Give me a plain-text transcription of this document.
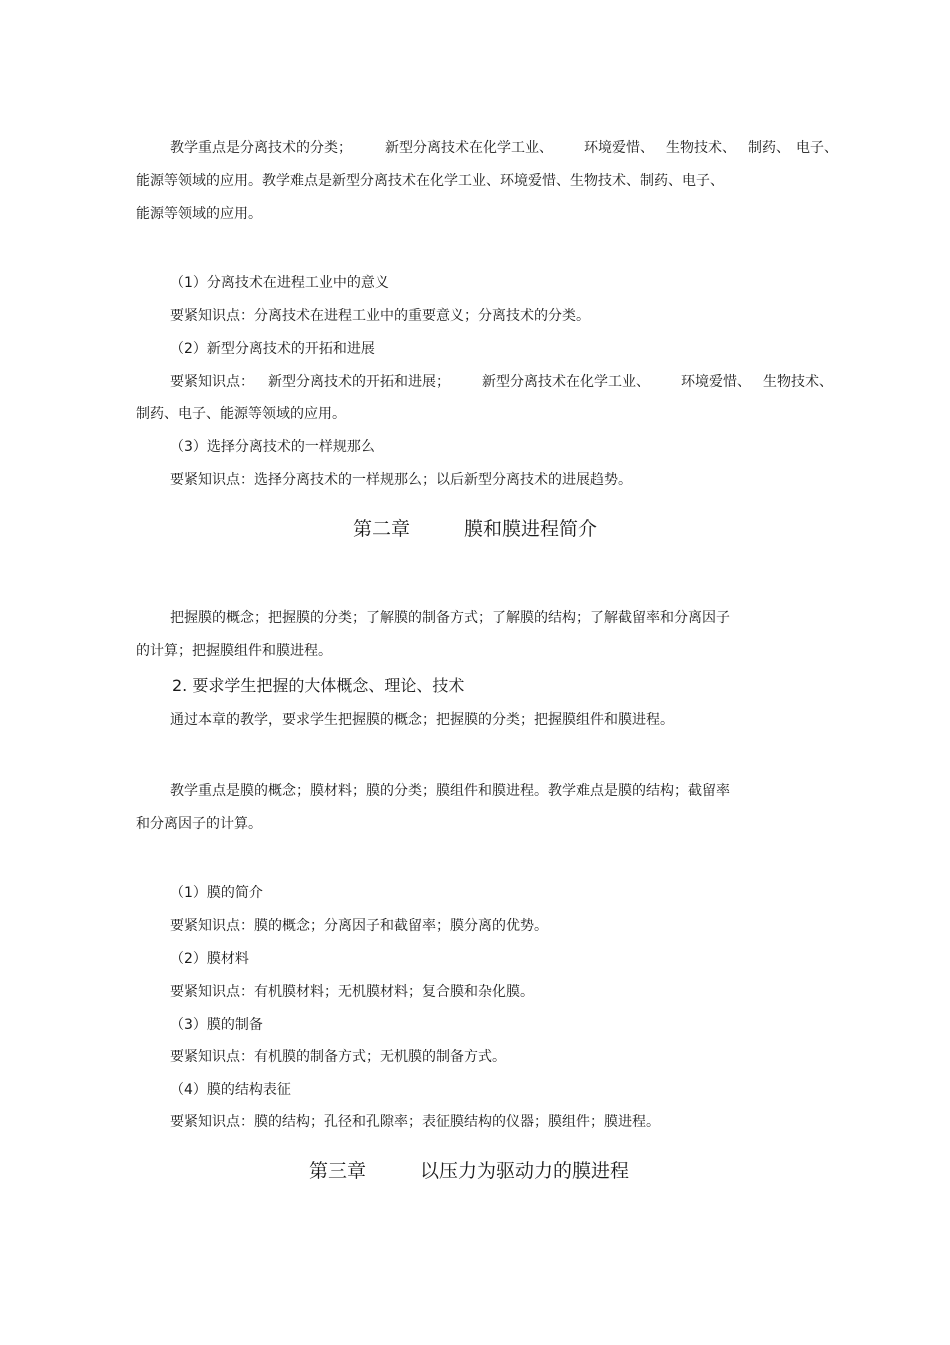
教学重点是分离技术的分类； 新型分离技术在化学工业、 环境爱惜、 生物技术、 制药、 电子、
能源等领域的应用。教学难点是新型分离技术在化学工业、环境爱惜、生物技术、制药、电子、
能源等领域的应用。
（1）分离技术在进程工业中的意义
要紧知识点：分离技术在进程工业中的重要意义；分离技术的分类。
（2）新型分离技术的开拓和进展
要紧知识点： 新型分离技术的开拓和进展； 新型分离技术在化学工业、 环境爱惜、 生物技术、
制药、电子、能源等领域的应用。
（3）选择分离技术的一样规那么
要紧知识点：选择分离技术的一样规那么；以后新型分离技术的进展趋势。
第二章	膜和膜进程简介
把握膜的概念；把握膜的分类；了解膜的制备方式；了解膜的结构；了解截留率和分离因子
的计算；把握膜组件和膜进程。
2. 要求学生把握的大体概念、理论、技术
通过本章的教学，要求学生把握膜的概念；把握膜的分类；把握膜组件和膜进程。
教学重点是膜的概念；膜材料；膜的分类；膜组件和膜进程。教学难点是膜的结构；截留率
和分离因子的计算。
（1）膜的简介
要紧知识点：膜的概念；分离因子和截留率；膜分离的优势。
（2）膜材料
要紧知识点：有机膜材料；无机膜材料；复合膜和杂化膜。
（3）膜的制备
要紧知识点：有机膜的制备方式；无机膜的制备方式。
（4）膜的结构表征
要紧知识点：膜的结构；孔径和孔隙率；表征膜结构的仪器；膜组件；膜进程。
第三章	以压力为驱动力的膜进程
